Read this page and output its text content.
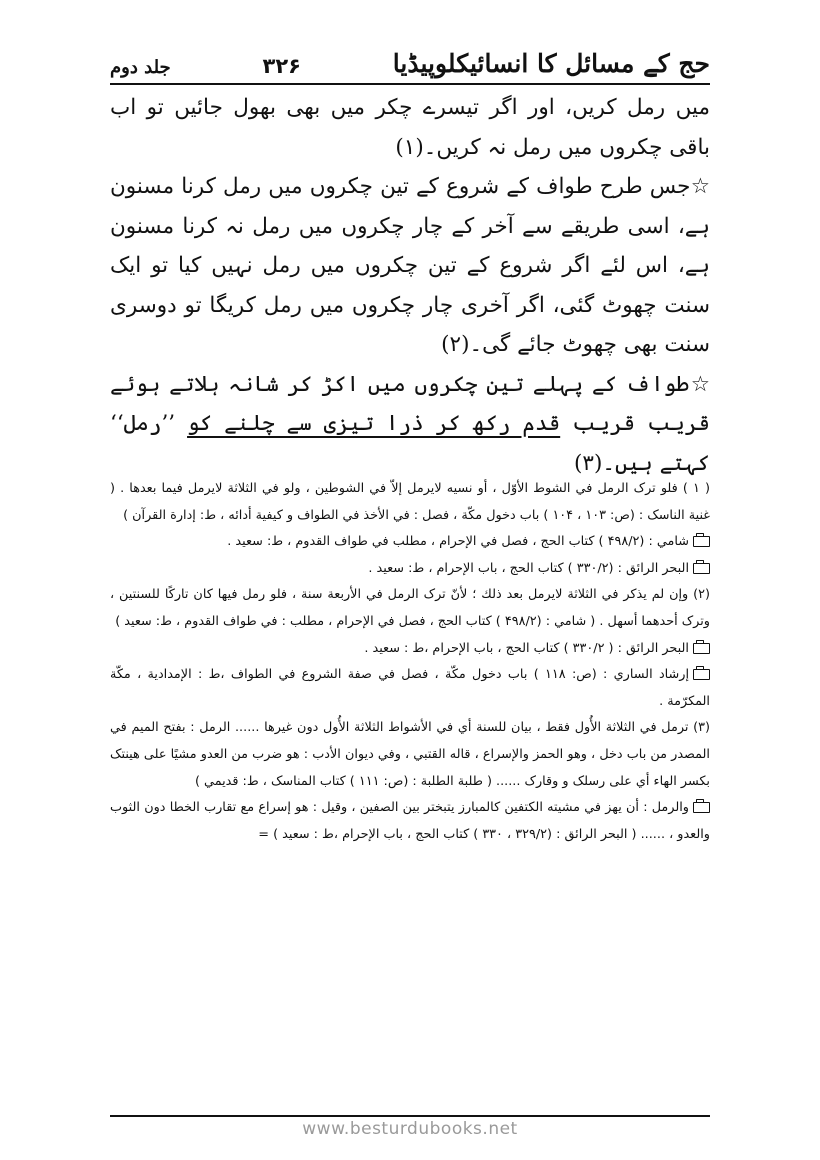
حج کے مسائل کا انسائیکلوپیڈیا
۳۲۶
جلد دوم

میں رمل کریں، اور اگر تیسرے چکر میں بھی بھول جائیں تو اب باقی چکروں میں رمل نہ کریں۔(۱)

☆جس طرح طواف کے شروع کے تین چکروں میں رمل کرنا مسنون ہے، اسی طریقے سے آخر کے چار چکروں میں رمل نہ کرنا مسنون ہے، اس لئے اگر شروع کے تین چکروں میں رمل نہیں کیا تو ایک سنت چھوٹ گئی، اگر آخری چار چکروں میں رمل کریگا تو دوسری سنت بھی چھوٹ جائے گی۔(۲)

☆طواف کے پہلے تین چکروں میں اکڑ کر شانہ ہلاتے ہوئے قریب قریب قدم رکھ کر ذرا تیزی سے چلنے کو ’’رمل‘‘ کہتے ہیں۔(۳)

( ۱ ) فلو ترک الرمل في الشوط الأوّل ، أو نسيه لايرمل إلاّ في الشوطين ، ولو في الثلاثة لايرمل فيما بعدها . ( غنية الناسک : (ص: ۱۰۳ ، ۱۰۴ ) باب دخول مكّة ، فصل : في الأخذ في الطواف و كيفية أدائه ، ط: إدارة القرآن )

شامي : (۴۹۸/۲ ) كتاب الحج ، فصل في الإحرام ، مطلب في طواف القدوم ، ط: سعيد .

البحر الرائق : (۳۳۰/۲ ) كتاب الحج ، باب الإحرام ، ط: سعيد .

(۲) وإن لم يذكر في الثلاثة لايرمل بعد ذلك ؛ لأنّ ترک الرمل في الأربعة سنة ، فلو رمل فيها كان تاركًا للسنتين ، وترک أحدهما أسهل . ( شامي : (۴۹۸/۲ ) كتاب الحج ، فصل في الإحرام ، مطلب : في طواف القدوم ، ط: سعيد )

البحر الرائق : ( ۳۳۰/۲ ) كتاب الحج ، باب الإحرام ،ط : سعيد .

إرشاد الساري : (ص: ۱۱۸ ) باب دخول مكّة ، فصل في صفة الشروع في الطواف ،ط : الإمدادية ، مكّة المكرّمة .

(۳) ترمل في الثلاثة الأُول فقط ، بيان للسنة أي في الأشواط الثلاثة الأُول دون غيرها ...... الرمل : بفتح الميم في المصدر من باب دخل ، وهو الحمز والإسراع ، قاله القتبي ، وفي ديوان الأدب : هو ضرب من العدو مشيًا على هينتک بكسر الهاء أي على رسلک و وقارک ...... ( طلبة الطلبة : (ص: ۱۱۱ ) كتاب المناسک ، ط: قديمي )

والرمل : أن يهز في مشيته الكتفين كالمبارز يتبختر بين الصفين ، وقيل : هو إسراع مع تقارب الخطا دون الثوب والعدو ، ...... ( البحر الرائق : (۳۲۹/۲ ، ۳۳۰ ) كتاب الحج ، باب الإحرام ،ط : سعيد ) =

www.besturdubooks.net
